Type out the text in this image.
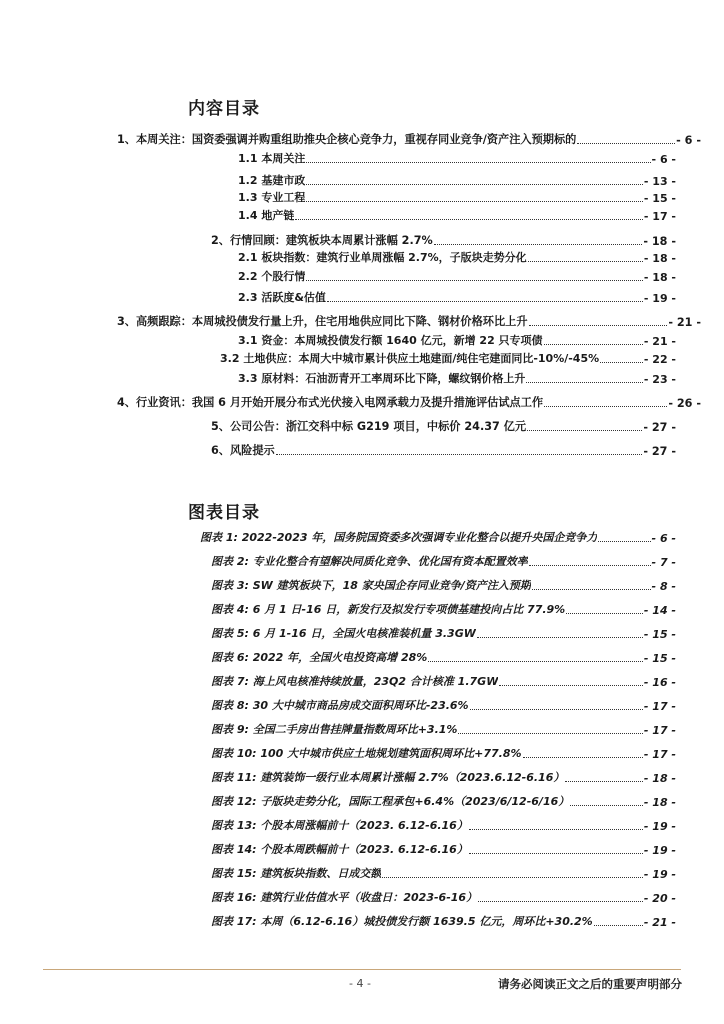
内容目录
1、本周关注：国资委强调并购重组助推央企核心竞争力，重视存同业竞争/资产注入预期标的	- 6 -
1.1 本周关注	- 6 -
1.2 基建市政	- 13 -
1.3 专业工程	- 15 -
1.4 地产链	- 17 -
2、行情回顾：建筑板块本周累计涨幅 2.7%	- 18 -
2.1 板块指数：建筑行业单周涨幅 2.7%，子版块走势分化	- 18 -
2.2 个股行情	- 18 -
2.3 活跃度&估值	- 19 -
3、高频跟踪：本周城投债发行量上升，住宅用地供应同比下降、钢材价格环比上升	- 21 -
3.1 资金：本周城投债发行额 1640 亿元，新增 22 只专项债	- 21 -
3.2 土地供应：本周大中城市累计供应土地建面/纯住宅建面同比-10%/-45%	- 22 -
3.3 原材料：石油沥青开工率周环比下降，螺纹钢价格上升	- 23 -
4、行业资讯：我国 6 月开始开展分布式光伏接入电网承载力及提升措施评估试点工作	- 26 -
5、公司公告：浙江交科中标 G219 项目，中标价 24.37 亿元	- 27 -
6、风险提示	- 27 -
图表目录
图表 1: 2022-2023 年，国务院国资委多次强调专业化整合以提升央国企竞争力	- 6 -
图表 2: 专业化整合有望解决同质化竞争、优化国有资本配置效率	- 7 -
图表 3: SW 建筑板块下，18 家央国企存同业竞争/资产注入预期	- 8 -
图表 4: 6 月 1 日-16 日，新发行及拟发行专项债基建投向占比 77.9%	- 14 -
图表 5: 6 月 1-16 日，全国火电核准装机量 3.3GW	- 15 -
图表 6: 2022 年，全国火电投资高增 28%	- 15 -
图表 7: 海上风电核准持续放量，23Q2 合计核准 1.7GW	- 16 -
图表 8: 30 大中城市商品房成交面积周环比-23.6%	- 17 -
图表 9: 全国二手房出售挂牌量指数周环比+3.1%	- 17 -
图表 10: 100 大中城市供应土地规划建筑面积周环比+77.8%	- 17 -
图表 11: 建筑装饰一级行业本周累计涨幅 2.7%（2023.6.12-6.16）	- 18 -
图表 12: 子版块走势分化，国际工程承包+6.4%（2023/6/12-6/16）	- 18 -
图表 13: 个股本周涨幅前十（2023. 6.12-6.16）	- 19 -
图表 14: 个股本周跌幅前十（2023. 6.12-6.16）	- 19 -
图表 15: 建筑板块指数、日成交额	- 19 -
图表 16: 建筑行业估值水平（收盘日：2023-6-16）	- 20 -
图表 17: 本周（6.12-6.16）城投债发行额 1639.5 亿元，周环比+30.2%	- 21 -
- 4 -	请务必阅读正文之后的重要声明部分
